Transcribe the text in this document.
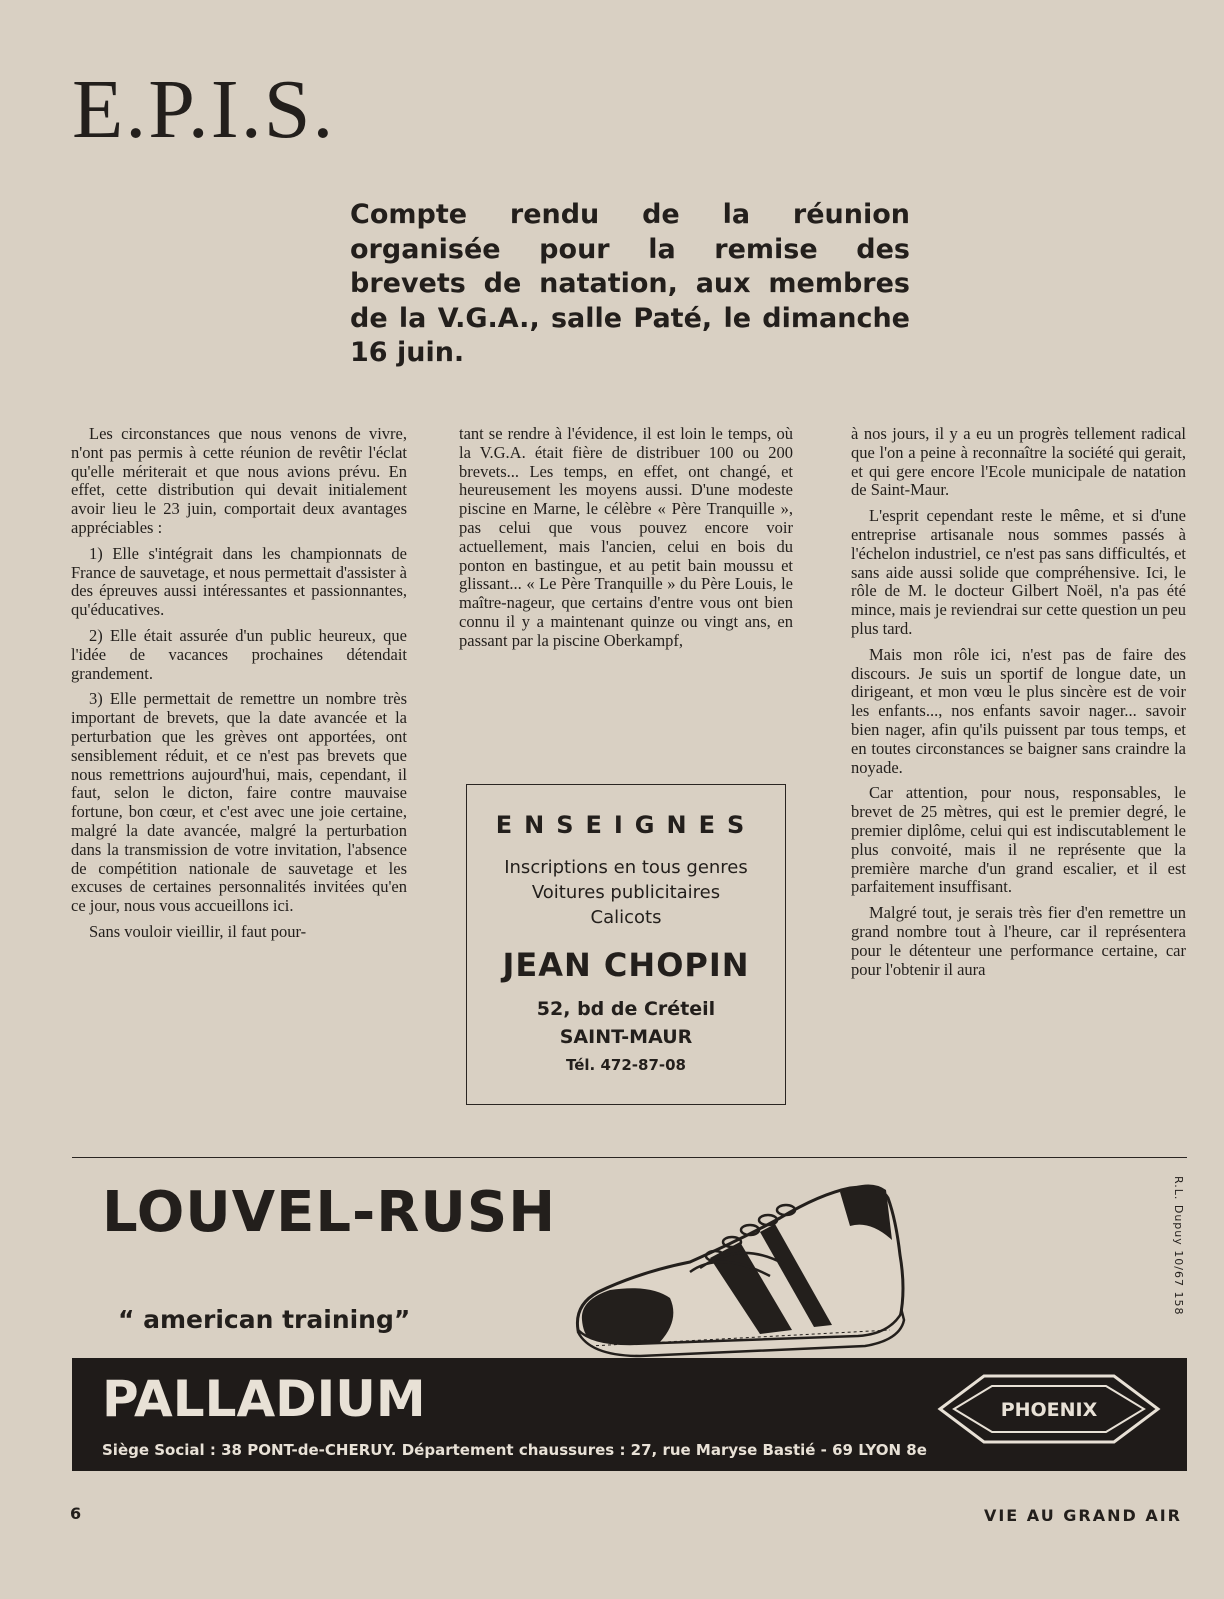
E.P.I.S.

Compte rendu de la réunion organisée pour la remise des brevets de natation, aux membres de la V.G.A., salle Paté, le dimanche 16 juin.

Les circonstances que nous venons de vivre, n'ont pas permis à cette réunion de revêtir l'éclat qu'elle mériterait et que nous avions prévu. En effet, cette distribution qui devait initialement avoir lieu le 23 juin, comportait deux avantages appréciables :

1) Elle s'intégrait dans les championnats de France de sauvetage, et nous permettait d'assister à des épreuves aussi intéressantes et passionnantes, qu'éducatives.

2) Elle était assurée d'un public heureux, que l'idée de vacances prochaines détendait grandement.

3) Elle permettait de remettre un nombre très important de brevets, que la date avancée et la perturbation que les grèves ont apportées, ont sensiblement réduit, et ce n'est pas brevets que nous remettrions aujourd'hui, mais, cependant, il faut, selon le dicton, faire contre mauvaise fortune, bon cœur, et c'est avec une joie certaine, malgré la date avancée, malgré la perturbation dans la transmission de votre invitation, l'absence de compétition nationale de sauvetage et les excuses de certaines personnalités invitées qu'en ce jour, nous vous accueillons ici.

Sans vouloir vieillir, il faut pour-

tant se rendre à l'évidence, il est loin le temps, où la V.G.A. était fière de distribuer 100 ou 200 brevets... Les temps, en effet, ont changé, et heureusement les moyens aussi. D'une modeste piscine en Marne, le célèbre « Père Tranquille », pas celui que vous pouvez encore voir actuellement, mais l'ancien, celui en bois du ponton en bastingue, et au petit bain moussu et glissant... « Le Père Tranquille » du Père Louis, le maître-nageur, que certains d'entre vous ont bien connu il y a maintenant quinze ou vingt ans, en passant par la piscine Oberkampf,

ENSEIGNES
Inscriptions en tous genres
Voitures publicitaires
Calicots
JEAN CHOPIN
52, bd de Créteil
SAINT-MAUR
Tél. 472-87-08

à nos jours, il y a eu un progrès tellement radical que l'on a peine à reconnaître la société qui gerait, et qui gere encore l'Ecole municipale de natation de Saint-Maur.

L'esprit cependant reste le même, et si d'une entreprise artisanale nous sommes passés à l'échelon industriel, ce n'est pas sans difficultés, et sans aide aussi solide que compréhensive. Ici, le rôle de M. le docteur Gilbert Noël, n'a pas été mince, mais je reviendrai sur cette question un peu plus tard.

Mais mon rôle ici, n'est pas de faire des discours. Je suis un sportif de longue date, un dirigeant, et mon vœu le plus sincère est de voir les enfants..., nos enfants savoir nager... savoir bien nager, afin qu'ils puissent par tous temps, et en toutes circonstances se baigner sans craindre la noyade.

Car attention, pour nous, responsables, le brevet de 25 mètres, qui est le premier degré, le premier diplôme, celui qui est indiscutablement le plus convoité, mais il ne représente que la première marche d'un grand escalier, et il est parfaitement insuffisant.

Malgré tout, je serais très fier d'en remettre un grand nombre tout à l'heure, car il représentera pour le détenteur une performance certaine, car pour l'obtenir il aura

LOUVEL-RUSH
“ american training”
R.L. Dupuy 10/67 158
PALLADIUM
Siège Social : 38 PONT-de-CHERUY. Département chaussures : 27, rue Maryse Bastié - 69 LYON 8e
PHOENIX
6	VIE AU GRAND AIR
